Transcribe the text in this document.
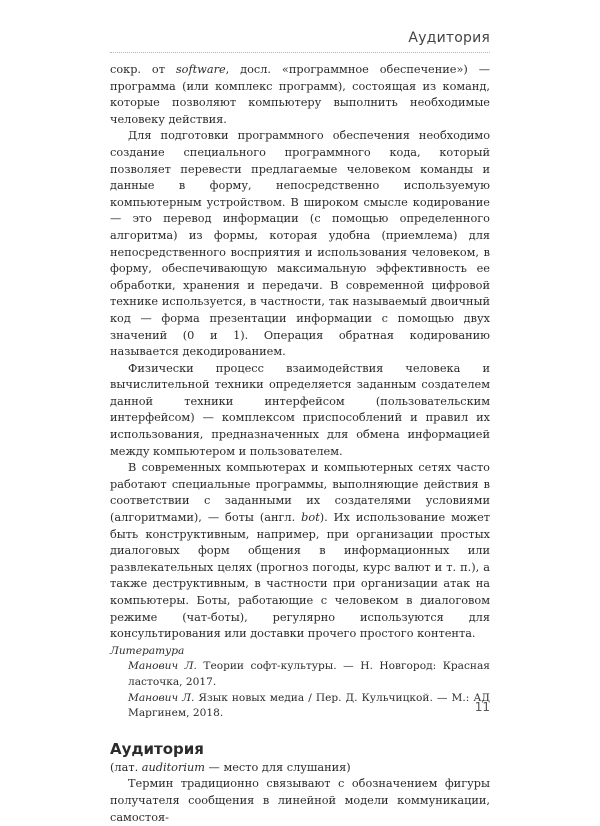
Аудитория

сокр. от software, досл. «программное обеспечение») — программа (или комплекс программ), состоящая из команд, которые позволяют компьютеру выполнить необходимые человеку действия.

Для подготовки программного обеспечения необходимо создание специального программного кода, который позволяет перевести предлагаемые человеком команды и данные в форму, непосредственно используемую компьютерным устройством. В широком смысле кодирование — это перевод информации (с помощью определенного алгоритма) из формы, которая удобна (приемлема) для непосредственного восприятия и использования человеком, в форму, обеспечивающую максимальную эффективность ее обработки, хранения и передачи. В современной цифровой технике используется, в частности, так называемый двоичный код — форма презентации информации с помощью двух значений (0 и 1). Операция обратная кодированию называется декодированием.

Физически процесс взаимодействия человека и вычислительной техники определяется заданным создателем данной техники интерфейсом (пользовательским интерфейсом) — комплексом приспособлений и правил их использования, предназначенных для обмена информацией между компьютером и пользователем.

В современных компьютерах и компьютерных сетях часто работают специальные программы, выполняющие действия в соответствии с заданными их создателями условиями (алгоритмами), — боты (англ. bot). Их использование может быть конструктивным, например, при организации простых диалоговых форм общения в информационных или развлекательных целях (прогноз погоды, курс валют и т. п.), а также деструктивным, в частности при организации атак на компьютеры. Боты, работающие с человеком в диалоговом режиме (чат-боты), регулярно используются для консультирования или доставки прочего простого контента.

Литература

Манович Л. Теории софт-культуры. — Н. Новгород: Красная ласточка, 2017.

Манович Л. Язык новых медиа / Пер. Д. Кульчицкой. — М.: АД Маргинем, 2018.

Аудитория

(лат. auditorium — место для слушания)

Термин традиционно связывают с обозначением фигуры получателя сообщения в линейной модели коммуникации, самостоя-

11
